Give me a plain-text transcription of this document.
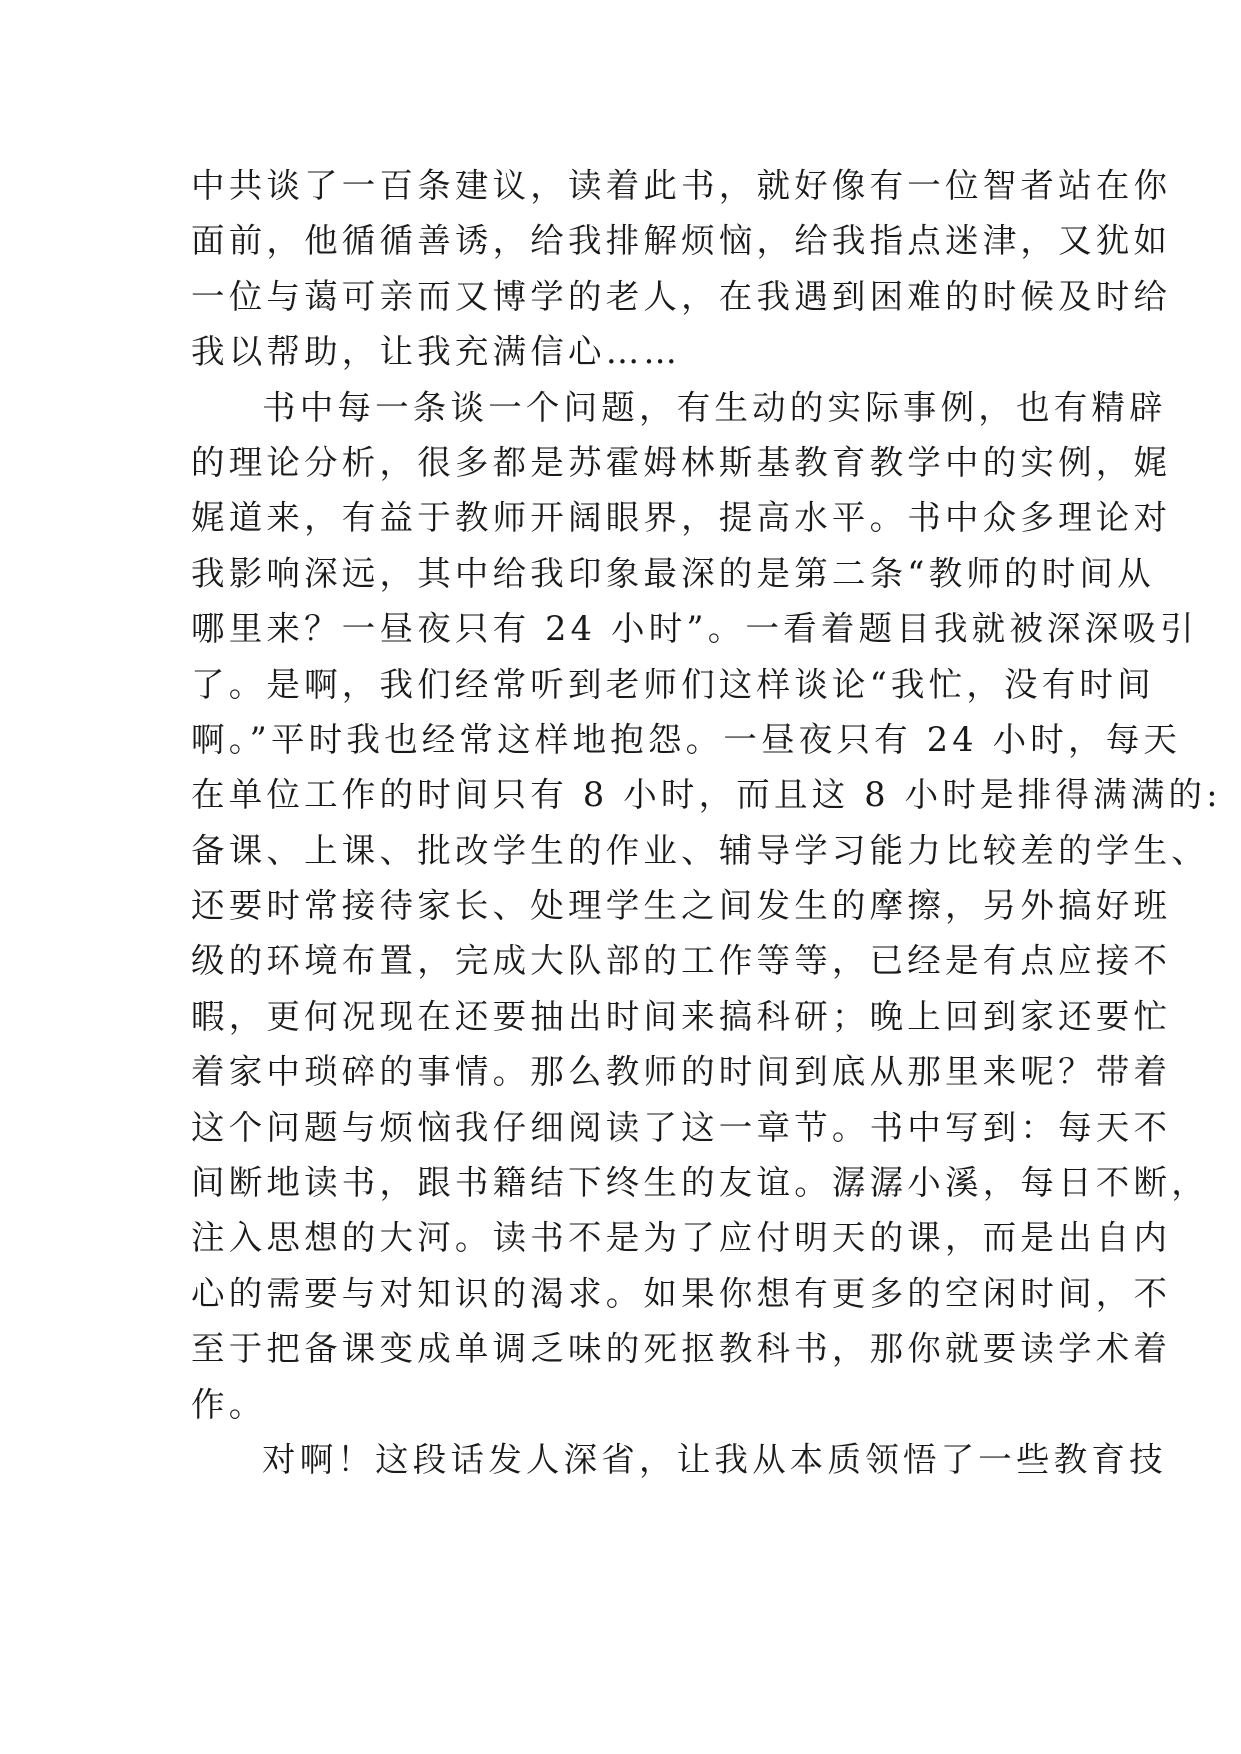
中共谈了一百条建议，读着此书，就好像有一位智者站在你
面前，他循循善诱，给我排解烦恼，给我指点迷津，又犹如
一位与蔼可亲而又博学的老人，在我遇到困难的时候及时给
我以帮助，让我充满信心……

书中每一条谈一个问题，有生动的实际事例，也有精辟
的理论分析，很多都是苏霍姆林斯基教育教学中的实例，娓
娓道来，有益于教师开阔眼界，提高水平。书中众多理论对
我影响深远，其中给我印象最深的是第二条“教师的时间从
哪里来？一昼夜只有 24 小时”。一看着题目我就被深深吸引
了。是啊，我们经常听到老师们这样谈论“我忙，没有时间
啊。”平时我也经常这样地抱怨。一昼夜只有 24 小时，每天
在单位工作的时间只有 8 小时，而且这 8 小时是排得满满的:
备课、上课、批改学生的作业、辅导学习能力比较差的学生、
还要时常接待家长、处理学生之间发生的摩擦，另外搞好班
级的环境布置，完成大队部的工作等等，已经是有点应接不
暇，更何况现在还要抽出时间来搞科研；晚上回到家还要忙
着家中琐碎的事情。那么教师的时间到底从那里来呢？带着
这个问题与烦恼我仔细阅读了这一章节。书中写到：每天不
间断地读书，跟书籍结下终生的友谊。潺潺小溪，每日不断，
注入思想的大河。读书不是为了应付明天的课，而是出自内
心的需要与对知识的渴求。如果你想有更多的空闲时间，不
至于把备课变成单调乏味的死抠教科书，那你就要读学术着
作。

对啊！这段话发人深省，让我从本质领悟了一些教育技
